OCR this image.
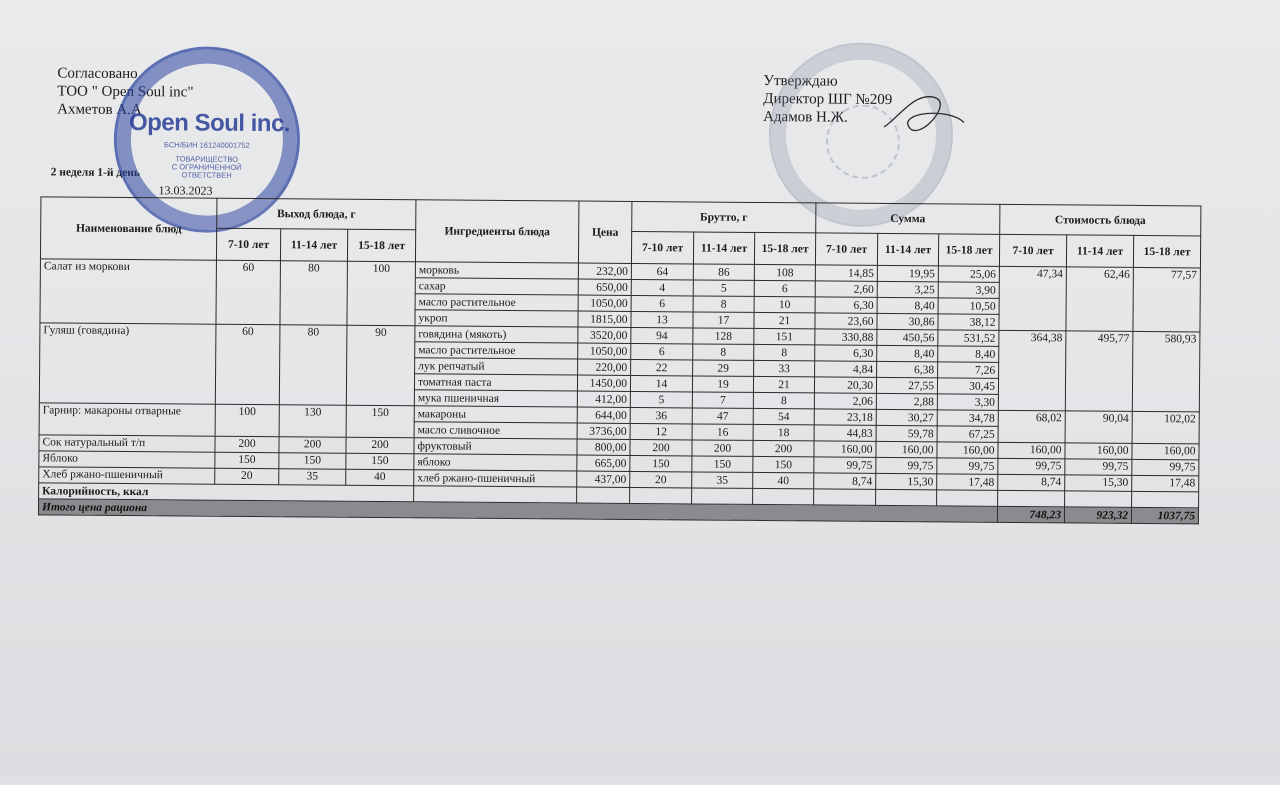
Согласовано
ТОО " Open Soul inc"
Ахметов А.А
Утверждаю
Директор ШГ №209
Адамов Н.Ж.
2 неделя 1-й день
13.03.2023
БСН/БИН 161240001752
ТОВАРИЩЕСТВО
С ОГРАНИЧЕННОЙ
ОТВЕТСТВЕН
Open Soul inc.
Наименование блюд	Выход блюда, г			Ингредиенты блюда	Цена	Брутто, г			Сумма			Стоимость блюда		
	7-10 лет	11-14 лет	15-18 лет			7-10 лет	11-14 лет	15-18 лет	7-10 лет	11-14 лет	15-18 лет	7-10 лет	11-14 лет	15-18 лет
Салат из моркови	60	80	100	морковь	232,00	64	86	108	14,85	19,95	25,06	47,34	62,46	77,57
				сахар	650,00	4	5	6	2,60	3,25	3,90			
				масло растительное	1050,00	6	8	10	6,30	8,40	10,50			
				укроп	1815,00	13	17	21	23,60	30,86	38,12			
Гуляш (говядина)	60	80	90	говядина (мякоть)	3520,00	94	128	151	330,88	450,56	531,52	364,38	495,77	580,93
				масло растительное	1050,00	6	8	8	6,30	8,40	8,40			
				лук репчатый	220,00	22	29	33	4,84	6,38	7,26			
				томатная паста	1450,00	14	19	21	20,30	27,55	30,45			
				мука пшеничная	412,00	5	7	8	2,06	2,88	3,30			
Гарнир: макароны отварные	100	130	150	макароны	644,00	36	47	54	23,18	30,27	34,78	68,02	90,04	102,02
				масло сливочное	3736,00	12	16	18	44,83	59,78	67,25			
Сок натуральный т/п	200	200	200	фруктовый	800,00	200	200	200	160,00	160,00	160,00	160,00	160,00	160,00
Яблоко	150	150	150	яблоко	665,00	150	150	150	99,75	99,75	99,75	99,75	99,75	99,75
Хлеб ржано-пшеничный	20	35	40	хлеб ржано-пшеничный	437,00	20	35	40	8,74	15,30	17,48	8,74	15,30	17,48
Калорийность, ккал														
Итого цена рациона												748,23	923,32	1037,75
